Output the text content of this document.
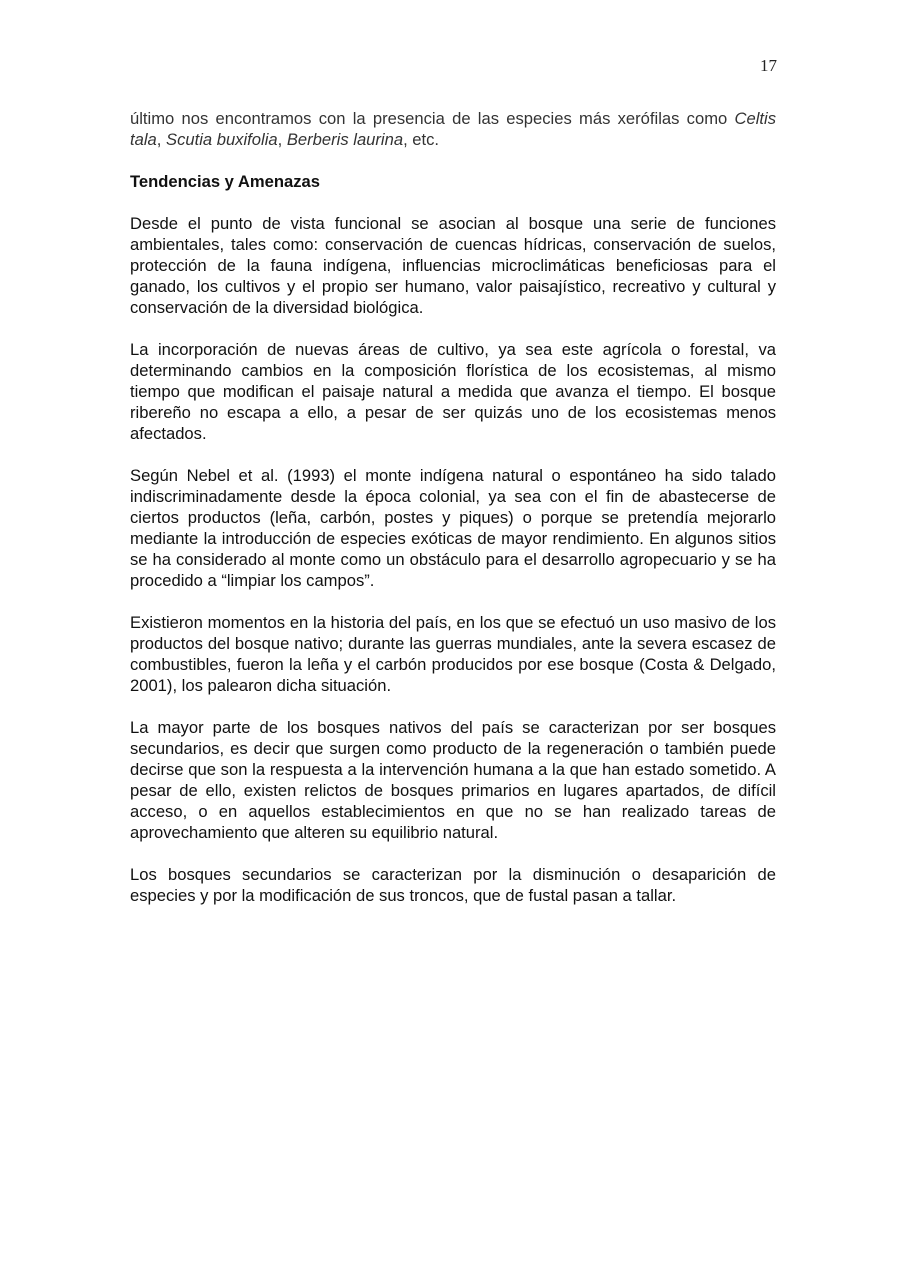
17

último nos encontramos con la presencia de las especies más xerófilas como Celtis tala, Scutia buxifolia, Berberis laurina, etc.

Tendencias y Amenazas

Desde el punto de vista funcional se asocian al bosque una serie de funciones ambientales, tales como: conservación de cuencas hídricas, conservación de suelos, protección de la fauna indígena, influencias microclimáticas beneficiosas para el ganado, los cultivos y el propio ser humano, valor paisajístico, recreativo y cultural y conservación de la diversidad biológica.

La incorporación de nuevas áreas de cultivo, ya sea este agrícola o forestal, va determinando cambios en la composición florística de los ecosistemas, al mismo tiempo que modifican el paisaje natural a medida que avanza el tiempo. El bosque ribereño no escapa a ello, a pesar de ser quizás uno de los ecosistemas menos afectados.

Según Nebel et al. (1993) el monte indígena natural o espontáneo ha sido talado indiscriminadamente desde la época colonial, ya sea con el fin de abastecerse de ciertos productos (leña, carbón, postes y piques) o porque se pretendía mejorarlo mediante la introducción de especies exóticas de mayor rendimiento. En algunos sitios se ha considerado al monte como un obstáculo para el desarrollo agropecuario y se ha procedido a “limpiar los campos”.

Existieron momentos en la historia del país, en los que se efectuó un uso masivo de los productos del bosque nativo; durante las guerras mundiales, ante la severa escasez de combustibles, fueron la leña y el carbón producidos por ese bosque (Costa & Delgado, 2001), los palearon dicha situación.

La mayor parte de los bosques nativos del país se caracterizan por ser bosques secundarios, es decir que surgen como producto de la regeneración o también puede decirse que son la respuesta a la intervención humana a la que han estado sometido. A pesar de ello, existen relictos de bosques primarios en lugares apartados, de difícil acceso, o en aquellos establecimientos en que no se han realizado tareas de aprovechamiento que alteren su equilibrio natural.

Los bosques secundarios se caracterizan por la disminución o desaparición de especies y por la modificación de sus troncos, que de fustal pasan a tallar.
